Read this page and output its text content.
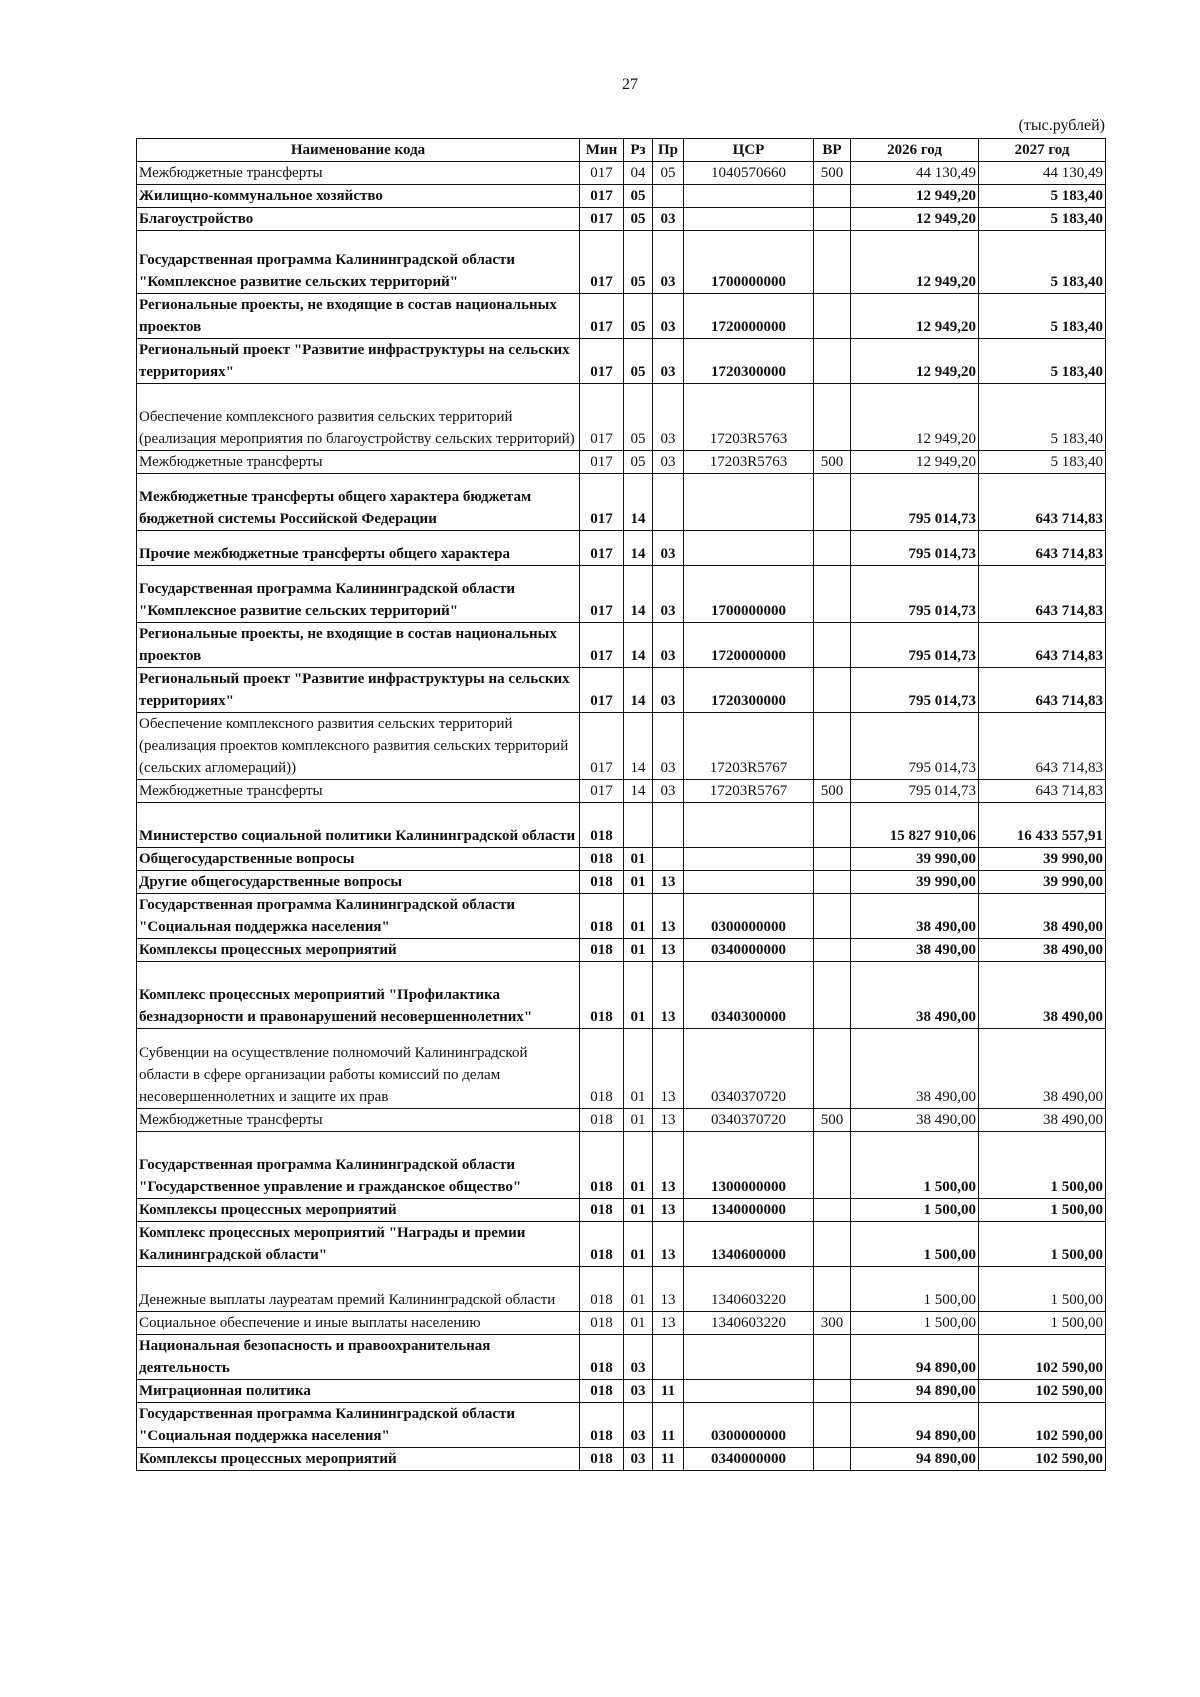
27
(тыс.рублей)
Наименование кода	Мин	Рз	Пр	ЦСР	ВР	2026 год	2027 год
Межбюджетные трансферты	017	04	05	1040570660	500	44 130,49	44 130,49
Жилищно-коммунальное хозяйство	017	05				12 949,20	5 183,40
Благоустройство	017	05	03			12 949,20	5 183,40
Государственная программа Калининградской области "Комплексное развитие сельских территорий"	017	05	03	1700000000		12 949,20	5 183,40
Региональные проекты, не входящие в состав национальных проектов	017	05	03	1720000000		12 949,20	5 183,40
Региональный проект "Развитие инфраструктуры на сельских территориях"	017	05	03	1720300000		12 949,20	5 183,40
Обеспечение комплексного развития сельских территорий (реализация мероприятия по благоустройству сельских территорий)	017	05	03	17203R5763		12 949,20	5 183,40
Межбюджетные трансферты	017	05	03	17203R5763	500	12 949,20	5 183,40
Межбюджетные трансферты общего характера бюджетам бюджетной системы Российской Федерации	017	14				795 014,73	643 714,83
Прочие межбюджетные трансферты общего характера	017	14	03			795 014,73	643 714,83
Государственная программа Калининградской области "Комплексное развитие сельских территорий"	017	14	03	1700000000		795 014,73	643 714,83
Региональные проекты, не входящие в состав национальных проектов	017	14	03	1720000000		795 014,73	643 714,83
Региональный проект "Развитие инфраструктуры на сельских территориях"	017	14	03	1720300000		795 014,73	643 714,83
Обеспечение комплексного развития сельских территорий (реализация проектов комплексного развития сельских территорий (сельских агломераций))	017	14	03	17203R5767		795 014,73	643 714,83
Межбюджетные трансферты	017	14	03	17203R5767	500	795 014,73	643 714,83
Министерство социальной политики Калининградской области	018					15 827 910,06	16 433 557,91
Общегосударственные вопросы	018	01				39 990,00	39 990,00
Другие общегосударственные вопросы	018	01	13			39 990,00	39 990,00
Государственная программа Калининградской области "Социальная поддержка населения"	018	01	13	0300000000		38 490,00	38 490,00
Комплексы процессных мероприятий	018	01	13	0340000000		38 490,00	38 490,00
Комплекс процессных мероприятий "Профилактика безнадзорности и правонарушений несовершеннолетних"	018	01	13	0340300000		38 490,00	38 490,00
Субвенции на осуществление полномочий Калининградской области в сфере организации работы комиссий по делам несовершеннолетних и защите их прав	018	01	13	0340370720		38 490,00	38 490,00
Межбюджетные трансферты	018	01	13	0340370720	500	38 490,00	38 490,00
Государственная программа Калининградской области "Государственное управление и гражданское общество"	018	01	13	1300000000		1 500,00	1 500,00
Комплексы процессных мероприятий	018	01	13	1340000000		1 500,00	1 500,00
Комплекс процессных мероприятий "Награды и премии Калининградской области"	018	01	13	1340600000		1 500,00	1 500,00
Денежные выплаты лауреатам премий Калининградской области	018	01	13	1340603220		1 500,00	1 500,00
Социальное обеспечение и иные выплаты населению	018	01	13	1340603220	300	1 500,00	1 500,00
Национальная безопасность и правоохранительная деятельность	018	03				94 890,00	102 590,00
Миграционная политика	018	03	11			94 890,00	102 590,00
Государственная программа Калининградской области "Социальная поддержка населения"	018	03	11	0300000000		94 890,00	102 590,00
Комплексы процессных мероприятий	018	03	11	0340000000		94 890,00	102 590,00
